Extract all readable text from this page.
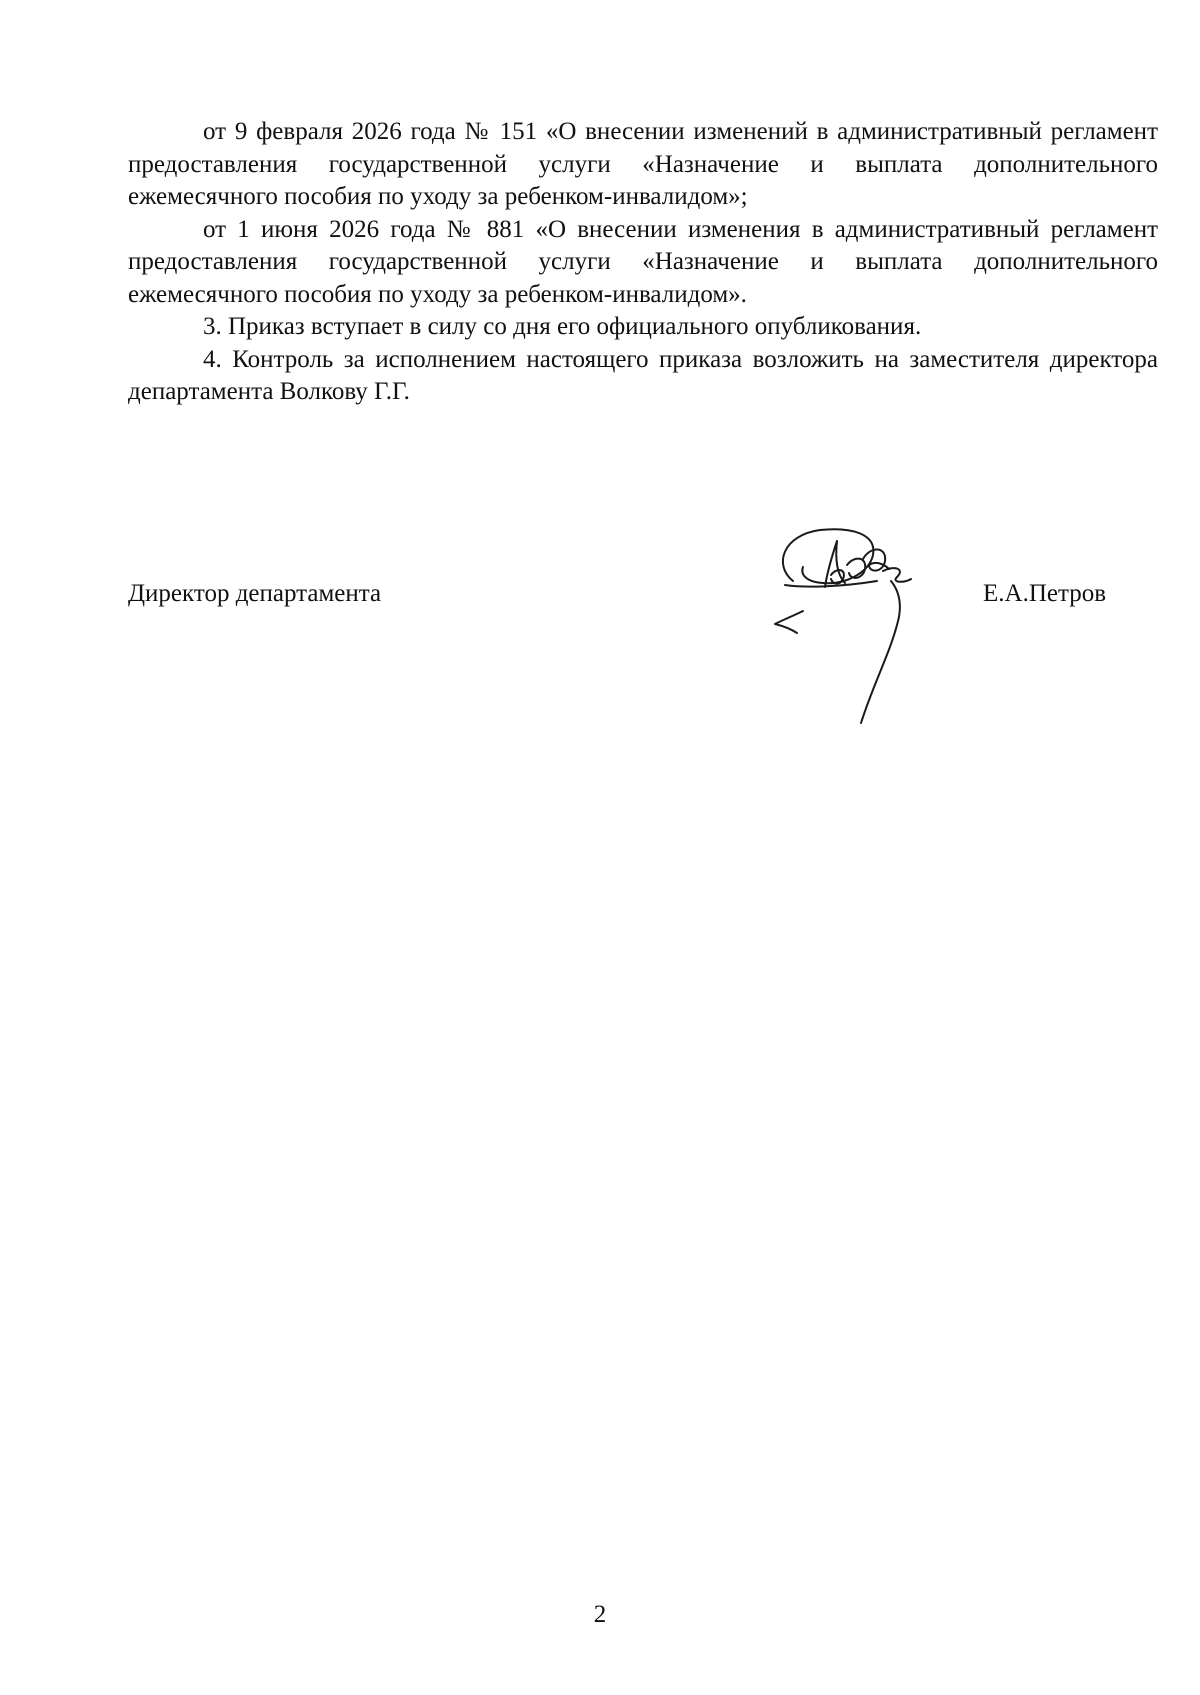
от 9 февраля 2026 года № 151 «О внесении изменений в административный регламент предоставления государственной услуги «Назначение и выплата дополнительного ежемесячного пособия по уходу за ребенком-инвалидом»;

от 1 июня 2026 года № 881 «О внесении изменения в административный регламент предоставления государственной услуги «Назначение и выплата дополнительного ежемесячного пособия по уходу за ребенком-инвалидом».

3. Приказ вступает в силу со дня его официального опубликования.

4. Контроль за исполнением настоящего приказа возложить на заместителя директора департамента Волкову Г.Г.

Директор департамента	Е.А.Петров
2
